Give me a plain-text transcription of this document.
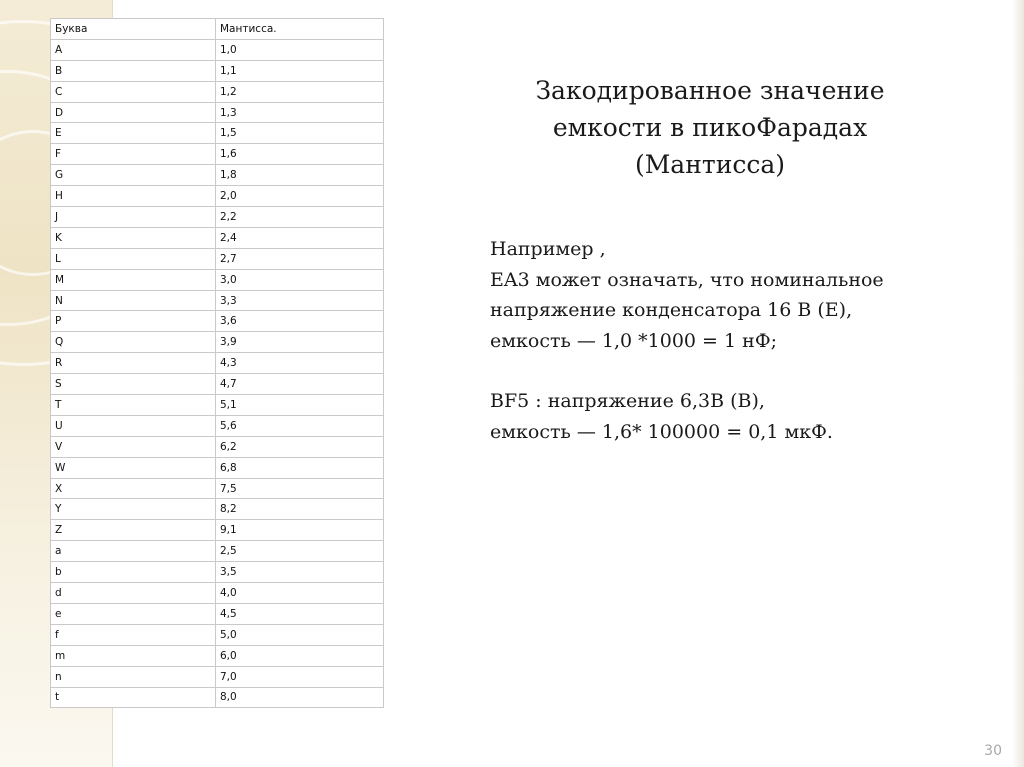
Буква	Мантисса.
A	1,0
B	1,1
C	1,2
D	1,3
E	1,5
F	1,6
G	1,8
H	2,0
J	2,2
K	2,4
L	2,7
M	3,0
N	3,3
P	3,6
Q	3,9
R	4,3
S	4,7
T	5,1
U	5,6
V	6,2
W	6,8
X	7,5
Y	8,2
Z	9,1
a	2,5
b	3,5
d	4,0
e	4,5
f	5,0
m	6,0
n	7,0
t	8,0
Закодированное значение
емкости в пикоФарадах
(Мантисса)

Например ,

EA3 может означать, что номинальное

напряжение конденсатора 16 В (Е),

емкость — 1,0 *1000 = 1 нФ;

BF5 : напряжение 6,3В (В),

емкость — 1,6* 100000 = 0,1 мкФ.

30
